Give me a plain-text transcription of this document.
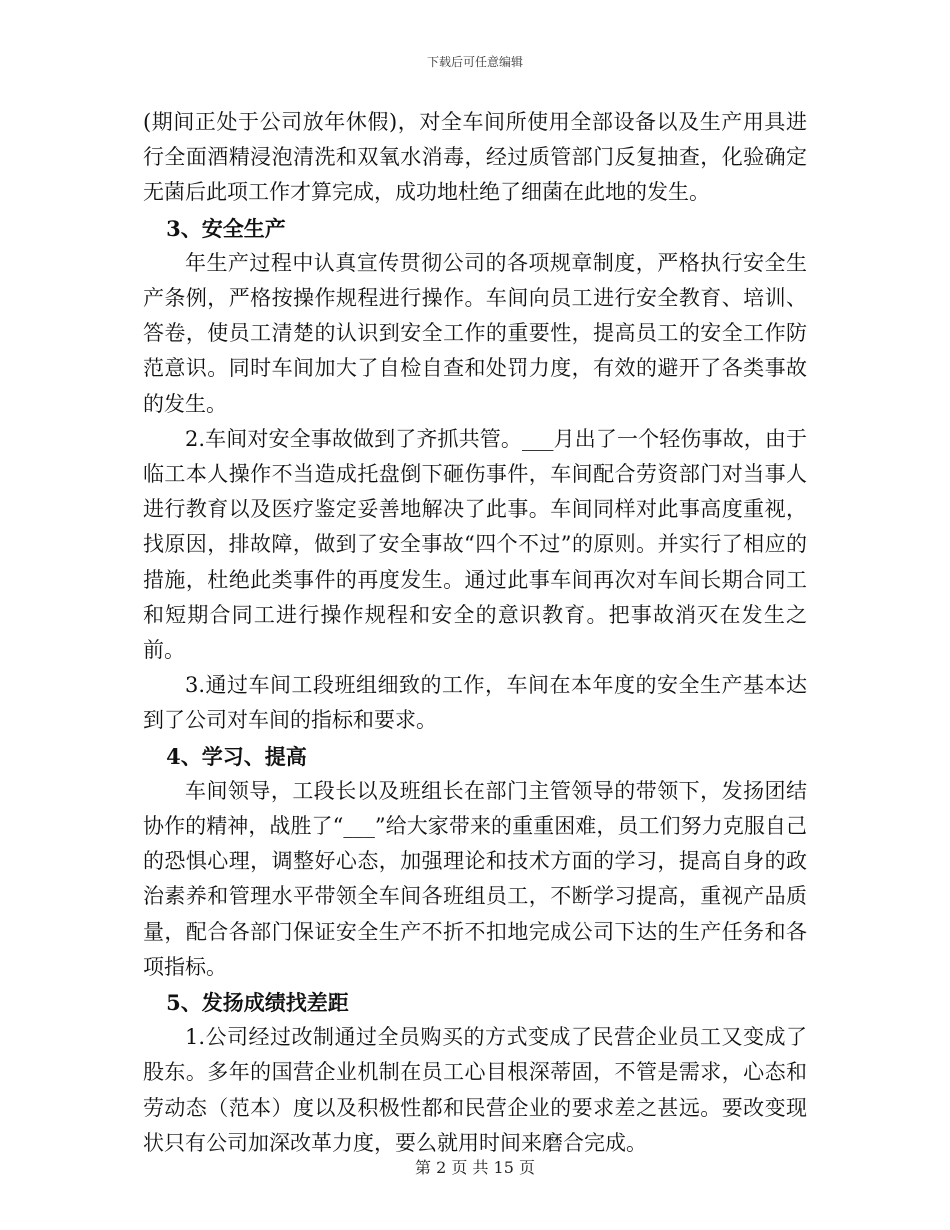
下载后可任意编辑

(期间正处于公司放年休假)，对全车间所使用全部设备以及生产用具进行全面酒精浸泡清洗和双氧水消毒，经过质管部门反复抽查，化验确定无菌后此项工作才算完成，成功地杜绝了细菌在此地的发生。

3、安全生产

年生产过程中认真宣传贯彻公司的各项规章制度，严格执行安全生产条例，严格按操作规程进行操作。车间向员工进行安全教育、培训、答卷，使员工清楚的认识到安全工作的重要性，提高员工的安全工作防范意识。同时车间加大了自检自查和处罚力度，有效的避开了各类事故的发生。

2.车间对安全事故做到了齐抓共管。___月出了一个轻伤事故，由于临工本人操作不当造成托盘倒下砸伤事件，车间配合劳资部门对当事人进行教育以及医疗鉴定妥善地解决了此事。车间同样对此事高度重视，找原因，排故障，做到了安全事故“四个不过”的原则。并实行了相应的措施，杜绝此类事件的再度发生。通过此事车间再次对车间长期合同工和短期合同工进行操作规程和安全的意识教育。把事故消灭在发生之前。

3.通过车间工段班组细致的工作，车间在本年度的安全生产基本达到了公司对车间的指标和要求。

4、学习、提高

车间领导，工段长以及班组长在部门主管领导的带领下，发扬团结协作的精神，战胜了“___”给大家带来的重重困难，员工们努力克服自己的恐惧心理，调整好心态，加强理论和技术方面的学习，提高自身的政治素养和管理水平带领全车间各班组员工，不断学习提高，重视产品质量，配合各部门保证安全生产不折不扣地完成公司下达的生产任务和各项指标。

5、发扬成绩找差距

1.公司经过改制通过全员购买的方式变成了民营企业员工又变成了股东。多年的国营企业机制在员工心目根深蒂固，不管是需求，心态和劳动态（范本）度以及积极性都和民营企业的要求差之甚远。要改变现状只有公司加深改革力度，要么就用时间来磨合完成。

第 2 页 共 15 页
